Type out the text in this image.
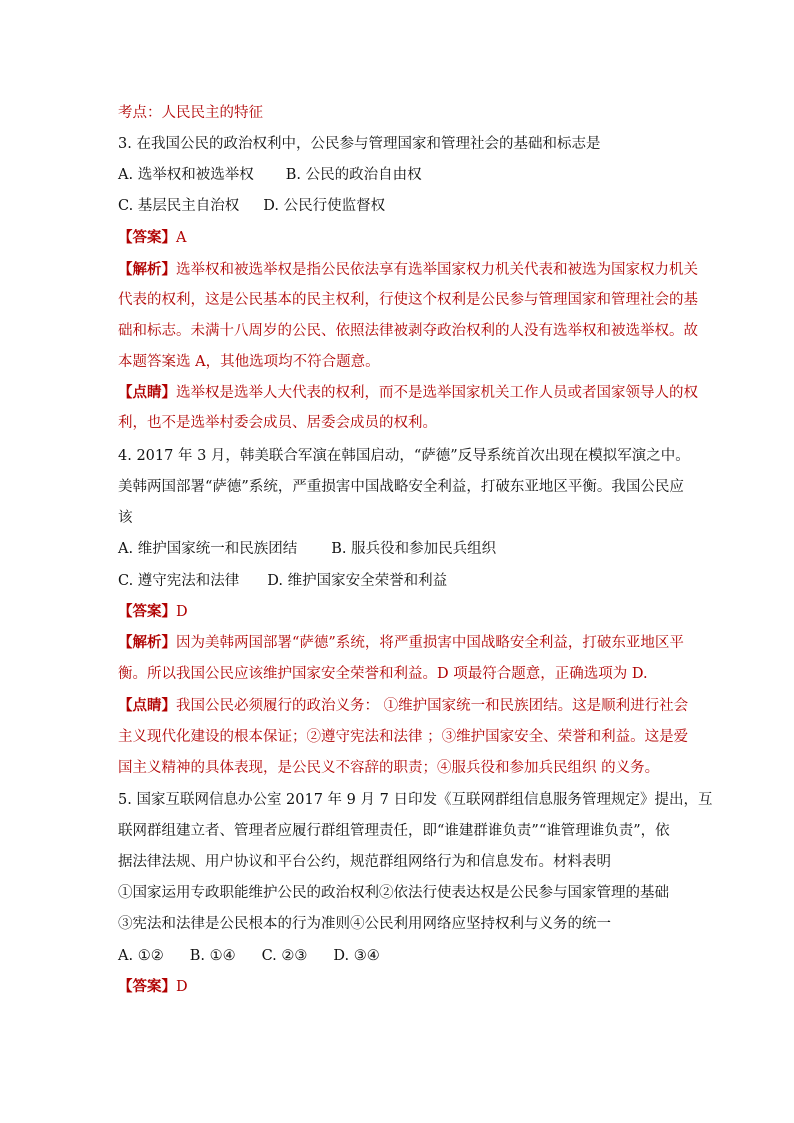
考点：人民民主的特征
3. 在我国公民的政治权利中，公民参与管理国家和管理社会的基础和标志是
A. 选举权和被选举权 B. 公民的政治自由权
C. 基层民主自治权 D. 公民行使监督权
【答案】A
【解析】选举权和被选举权是指公民依法享有选举国家权力机关代表和被选为国家权力机关
代表的权利，这是公民基本的民主权利，行使这个权利是公民参与管理国家和管理社会的基
础和标志。未满十八周岁的公民、依照法律被剥夺政治权利的人没有选举权和被选举权。故
本题答案选 A，其他选项均不符合题意。
【点睛】选举权是选举人大代表的权利，而不是选举国家机关工作人员或者国家领导人的权
利，也不是选举村委会成员、居委会成员的权利。
4. 2017 年 3 月，韩美联合军演在韩国启动，“萨德”反导系统首次出现在模拟军演之中。
美韩两国部署“萨德”系统，严重损害中国战略安全利益，打破东亚地区平衡。我国公民应
该
A. 维护国家统一和民族团结 B. 服兵役和参加民兵组织
C. 遵守宪法和法律 D. 维护国家安全荣誉和利益
【答案】D
【解析】因为美韩两国部署“萨德”系统，将严重损害中国战略安全利益，打破东亚地区平
衡。所以我国公民应该维护国家安全荣誉和利益。D 项最符合题意，正确选项为 D.
【点睛】我国公民必须履行的政治义务： ①维护国家统一和民族团结。这是顺利进行社会
主义现代化建设的根本保证；②遵守宪法和法律 ；③维护国家安全、荣誉和利益。这是爱
国主义精神的具体表现，是公民义不容辞的职责；④服兵役和参加兵民组织 的义务。
5. 国家互联网信息办公室 2017 年 9 月 7 日印发《互联网群组信息服务管理规定》提出，互
联网群组建立者、管理者应履行群组管理责任，即“谁建群谁负责”“谁管理谁负责”，依
据法律法规、用户协议和平台公约，规范群组网络行为和信息发布。材料表明
①国家运用专政职能维护公民的政治权利②依法行使表达权是公民参与国家管理的基础
③宪法和法律是公民根本的行为准则④公民利用网络应坚持权利与义务的统一
A. ①② B. ①④ C. ②③ D. ③④
【答案】D
